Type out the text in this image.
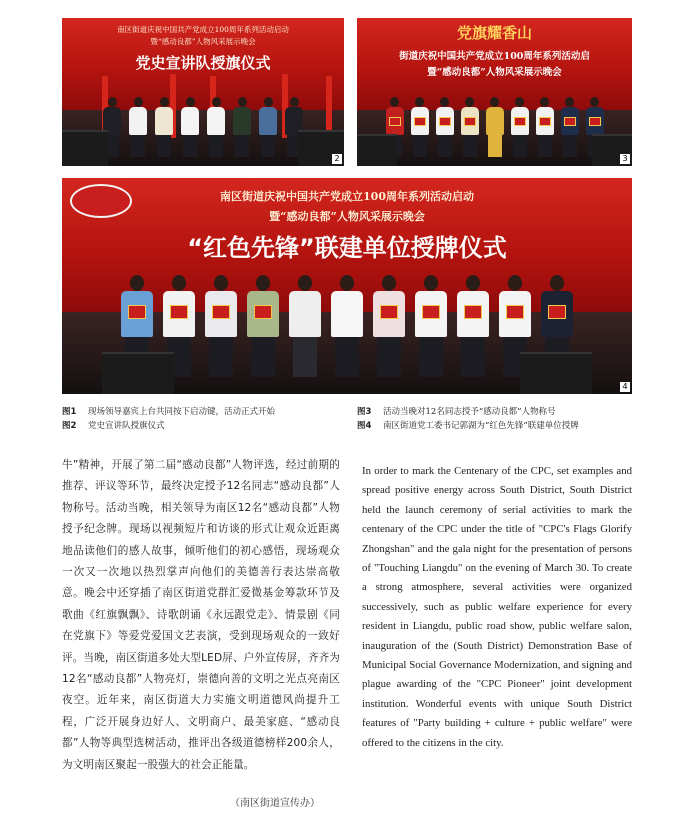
南区街道庆祝中国共产党成立100周年系列活动启动
暨“感动良都”人物风采展示晚会
党史宣讲队授旗仪式
2
党旗耀香山
街道庆祝中国共产党成立100周年系列活动启
暨“感动良都”人物风采展示晚会
3
南区街道庆祝中国共产党成立100周年系列活动启动
暨“感动良都”人物风采展示晚会
“红色先锋”联建单位授牌仪式
4
图1 现场领导嘉宾上台共同按下启动键，活动正式开始
图2 党史宣讲队授旗仪式
图3 活动当晚对12名同志授予“感动良都”人物称号
图4 南区街道党工委书记郭湖为“红色先锋”联建单位授牌
牛”精神，开展了第二届“感动良都”人物评选，经过前期的推荐、评议等环节，最终决定授予12名同志“感动良都”人物称号。活动当晚，相关领导为南区12名“感动良都”人物授予纪念牌。现场以视频短片和访谈的形式让观众近距离地品读他们的感人故事，倾听他们的初心感悟，现场观众一次又一次地以热烈掌声向他们的美德善行表达崇高敬意。晚会中还穿插了南区街道党群汇爱微基金筹款环节及歌曲《红旗飘飘》、诗歌朗诵《永远跟党走》、情景剧《同在党旗下》等爱党爱国文艺表演，受到现场观众的一致好评。当晚，南区街道多处大型LED屏、户外宣传屏，齐齐为12名“感动良都”人物亮灯，崇德向善的文明之光点亮南区夜空。近年来，南区街道大力实施文明道德风尚提升工程，广泛开展身边好人、文明商户、最美家庭、“感动良都”人物等典型选树活动，推评出各级道德榜样200余人，为文明南区聚起一股强大的社会正能量。
（南区街道宣传办）
In order to mark the Centenary of the CPC, set examples and spread positive energy across South District, South District held the launch ceremony of serial activities to mark the centenary of the CPC under the title of "CPC's Flags Glorify Zhongshan" and the gala night for the presentation of persons of "Touching Liangdu" on the evening of March 30. To create a strong atmosphere, several activities were organized successively, such as public welfare experience for every resident in Liangdu, public road show, public welfare salon, inauguration of the (South District) Demonstration Base of Municipal Social Governance Modernization, and signing and plague awarding of the "CPC Pioneer" joint development institution. Wonderful events with unique South District features of "Party building + culture + public welfare" were offered to the citizens in the city.
